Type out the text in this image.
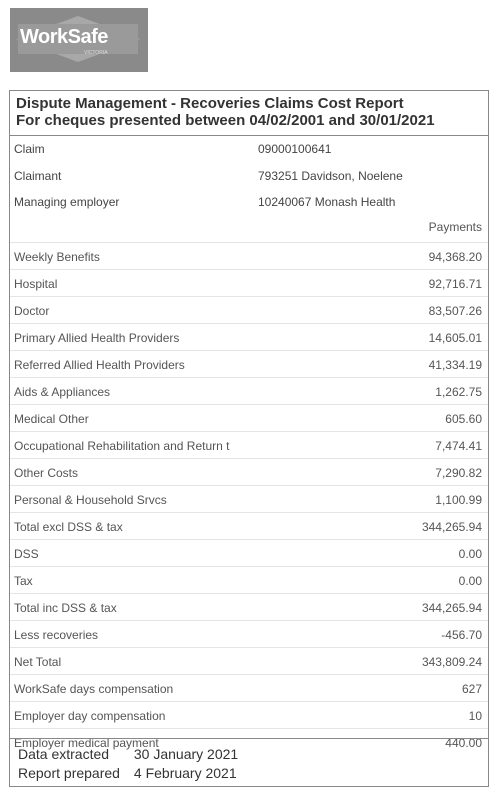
WorkSafe
VICTORIA
Dispute Management - Recoveries Claims Cost Report
For cheques presented between 04/02/2001 and 30/01/2021
Claim	09000100641
Claimant	793251 Davidson, Noelene
Managing employer	10240067 Monash Health
Payments
Weekly Benefits	94,368.20
Hospital	92,716.71
Doctor	83,507.26
Primary Allied Health Providers	14,605.01
Referred Allied Health Providers	41,334.19
Aids & Appliances	1,262.75
Medical Other	605.60
Occupational Rehabilitation and Return t	7,474.41
Other Costs	7,290.82
Personal & Household Srvcs	1,100.99
Total excl DSS & tax	344,265.94
DSS	0.00
Tax	0.00
Total inc DSS & tax	344,265.94
Less recoveries	-456.70
Net Total	343,809.24
WorkSafe days compensation	627
Employer day compensation	10
Employer medical payment	440.00
Data extracted 30 January 2021
Report prepared 4 February 2021
